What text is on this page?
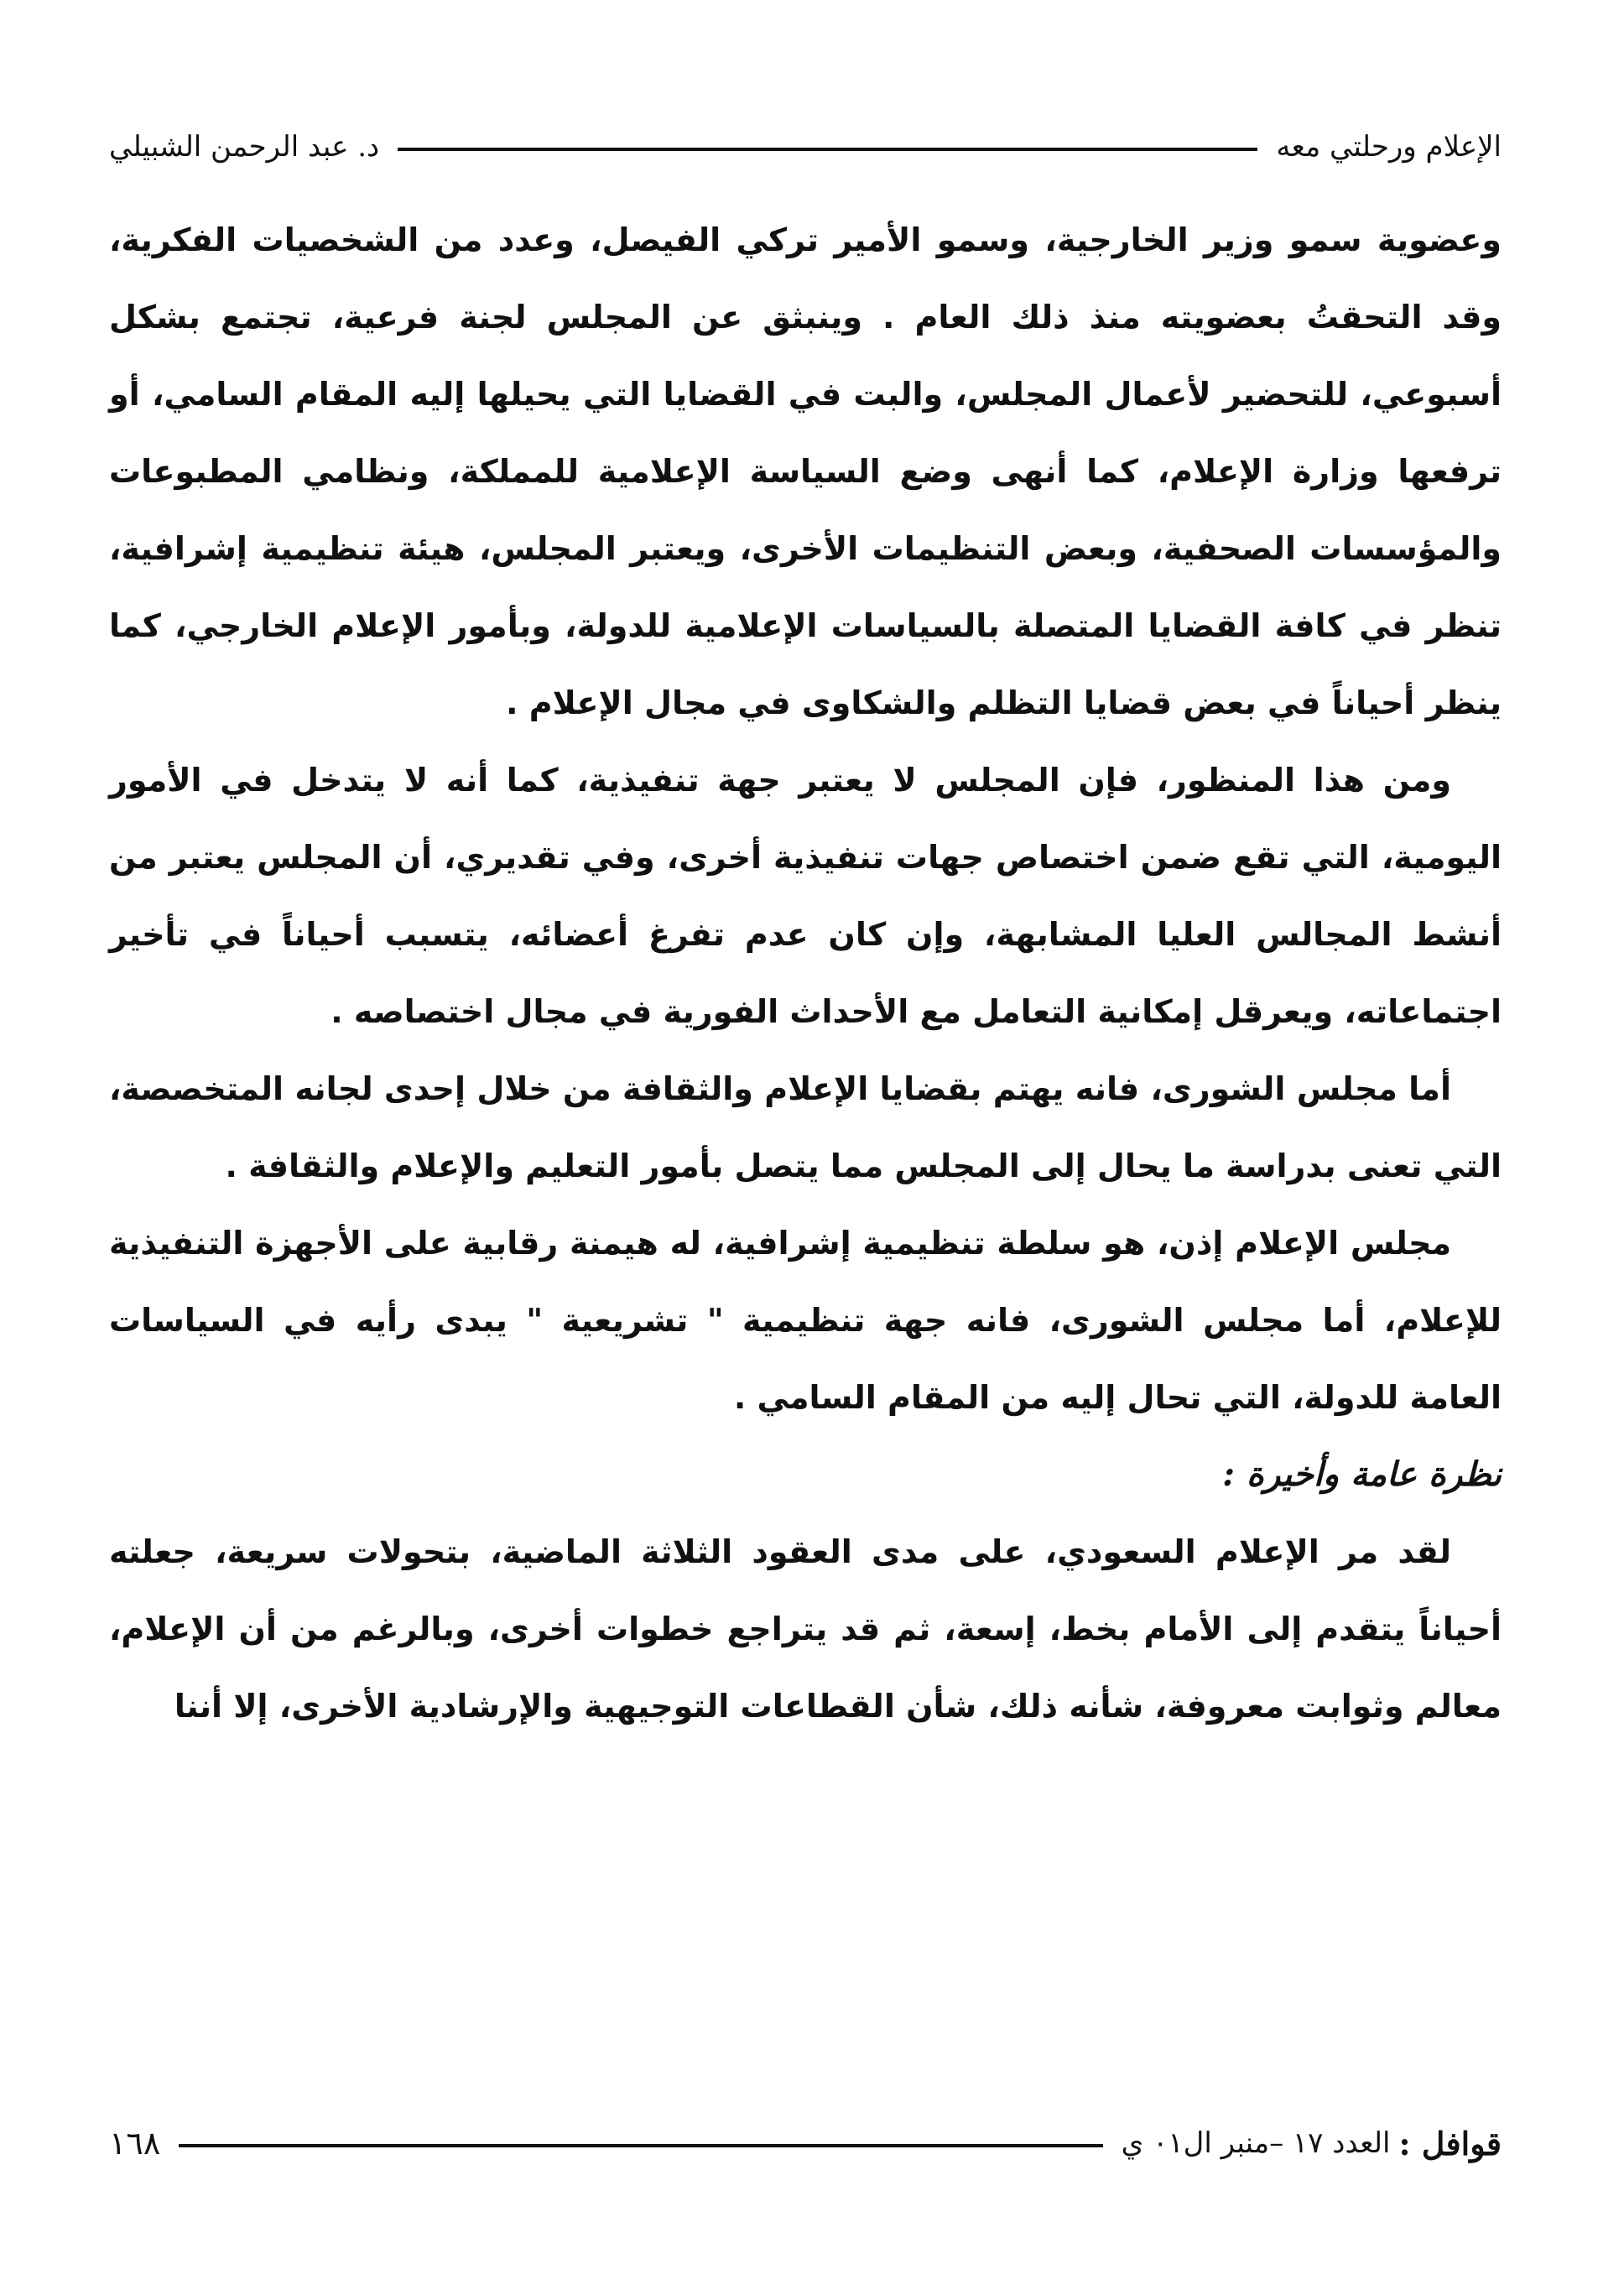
الإعلام ورحلتي معه
د. عبد الرحمن الشبيلي

وعضوية سمو وزير الخارجية، وسمو الأمير تركي الفيصل، وعدد من الشخصيات الفكرية، وقد التحقتُ بعضويته منذ ذلك العام . وينبثق عن المجلس لجنة فرعية، تجتمع بشكل أسبوعي، للتحضير لأعمال المجلس، والبت في القضايا التي يحيلها إليه المقام السامي، أو ترفعها وزارة الإعلام، كما أنهى وضع السياسة الإعلامية للمملكة، ونظامي المطبوعات والمؤسسات الصحفية، وبعض التنظيمات الأخرى، ويعتبر المجلس، هيئة تنظيمية إشرافية، تنظر في كافة القضايا المتصلة بالسياسات الإعلامية للدولة، وبأمور الإعلام الخارجي، كما ينظر أحياناً في بعض قضايا التظلم والشكاوى في مجال الإعلام .

ومن هذا المنظور، فإن المجلس لا يعتبر جهة تنفيذية، كما أنه لا يتدخل في الأمور اليومية، التي تقع ضمن اختصاص جهات تنفيذية أخرى، وفي تقديري، أن المجلس يعتبر من أنشط المجالس العليا المشابهة، وإن كان عدم تفرغ أعضائه، يتسبب أحياناً في تأخير اجتماعاته، ويعرقل إمكانية التعامل مع الأحداث الفورية في مجال اختصاصه .

أما مجلس الشورى، فانه يهتم بقضايا الإعلام والثقافة من خلال إحدى لجانه المتخصصة، التي تعنى بدراسة ما يحال إلى المجلس مما يتصل بأمور التعليم والإعلام والثقافة .

مجلس الإعلام إذن، هو سلطة تنظيمية إشرافية، له هيمنة رقابية على الأجهزة التنفيذية للإعلام، أما مجلس الشورى، فانه جهة تنظيمية " تشريعية " يبدى رأيه في السياسات العامة للدولة، التي تحال إليه من المقام السامي .

نظرة عامة وأخيرة :

لقد مر الإعلام السعودي، على مدى العقود الثلاثة الماضية، بتحولات سريعة، جعلته أحياناً يتقدم إلى الأمام بخط، إسعة، ثم قد يتراجع خطوات أخرى، وبالرغم من أن الإعلام، معالم وثوابت معروفة، شأنه ذلك، شأن القطاعات التوجيهية والإرشادية الأخرى، إلا أننا

قوافل :
العدد ١٧ –منبر ال٠١ ي
١٦٨
